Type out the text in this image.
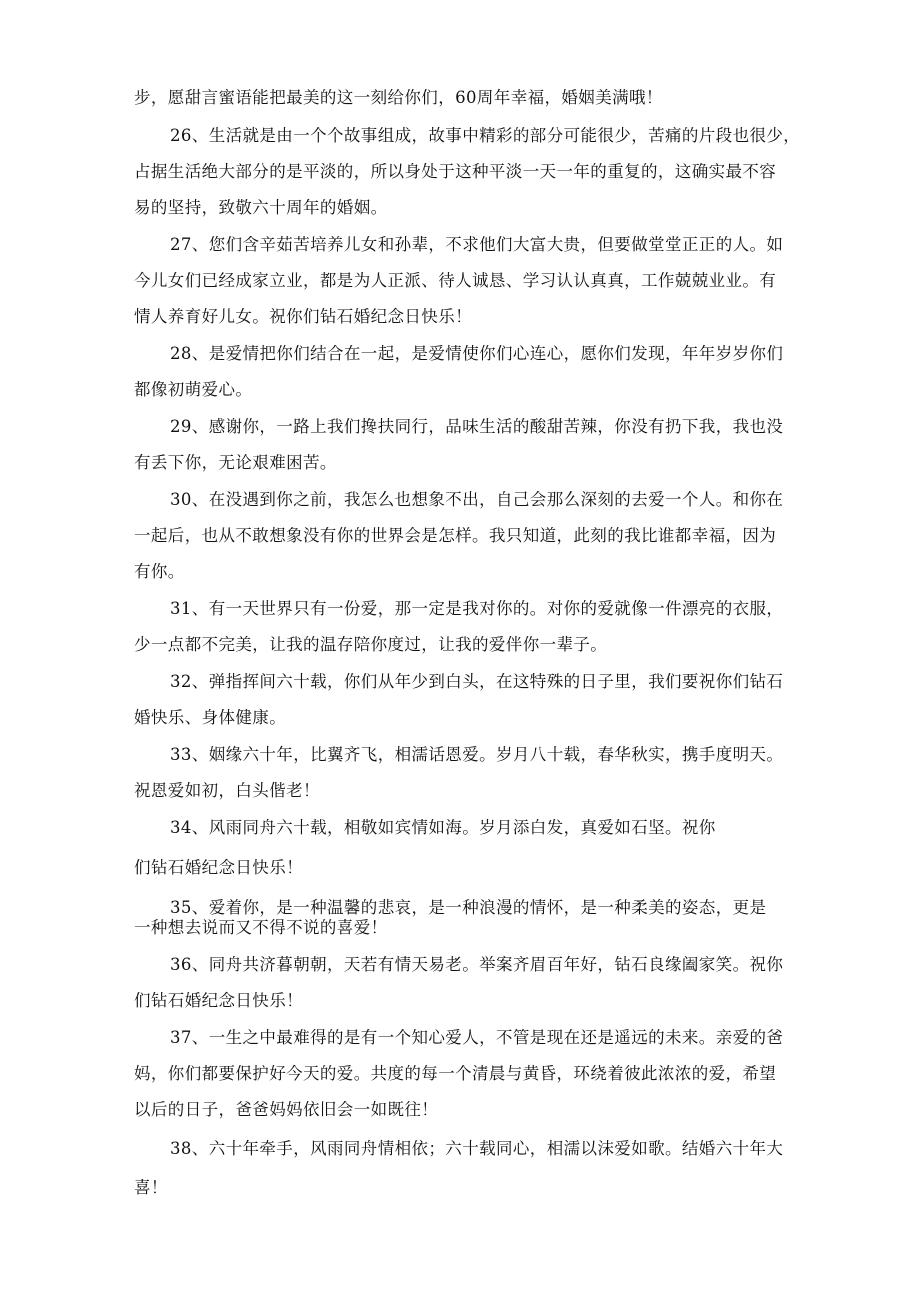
步，愿甜言蜜语能把最美的这一刻给你们，60周年幸福，婚姻美满哦！
26、生活就是由一个个故事组成，故事中精彩的部分可能很少，苦痛的片段也很少，
占据生活绝大部分的是平淡的，所以身处于这种平淡一天一年的重复的，这确实最不容
易的坚持，致敬六十周年的婚姻。
27、您们含辛茹苦培养儿女和孙辈，不求他们大富大贵，但要做堂堂正正的人。如
今儿女们已经成家立业，都是为人正派、待人诚恳、学习认认真真，工作兢兢业业。有
情人养育好儿女。祝你们钻石婚纪念日快乐！
28、是爱情把你们结合在一起，是爱情使你们心连心，愿你们发现，年年岁岁你们
都像初萌爱心。
29、感谢你，一路上我们搀扶同行，品味生活的酸甜苦辣，你没有扔下我，我也没
有丢下你，无论艰难困苦。
30、在没遇到你之前，我怎么也想象不出，自己会那么深刻的去爱一个人。和你在
一起后，也从不敢想象没有你的世界会是怎样。我只知道，此刻的我比谁都幸福，因为
有你。
31、有一天世界只有一份爱，那一定是我对你的。对你的爱就像一件漂亮的衣服，
少一点都不完美，让我的温存陪你度过，让我的爱伴你一辈子。
32、弹指挥间六十载，你们从年少到白头，在这特殊的日子里，我们要祝你们钻石
婚快乐、身体健康。
33、姻缘六十年，比翼齐飞，相濡话恩爱。岁月八十载，春华秋实，携手度明天。
祝恩爱如初，白头偕老！
34、风雨同舟六十载，相敬如宾情如海。岁月添白发，真爱如石坚。祝你
们钻石婚纪念日快乐！
35、爱着你，是一种温馨的悲哀，是一种浪漫的情怀，是一种柔美的姿态，更是
一种想去说而又不得不说的喜爱！
36、同舟共济暮朝朝，天若有情天易老。举案齐眉百年好，钻石良缘阖家笑。祝你
们钻石婚纪念日快乐！
37、一生之中最难得的是有一个知心爱人，不管是现在还是遥远的未来。亲爱的爸
妈，你们都要保护好今天的爱。共度的每一个清晨与黄昏，环绕着彼此浓浓的爱，希望
以后的日子，爸爸妈妈依旧会一如既往！
38、六十年牵手，风雨同舟情相依；六十载同心，相濡以沫爱如歌。结婚六十年大
喜！
